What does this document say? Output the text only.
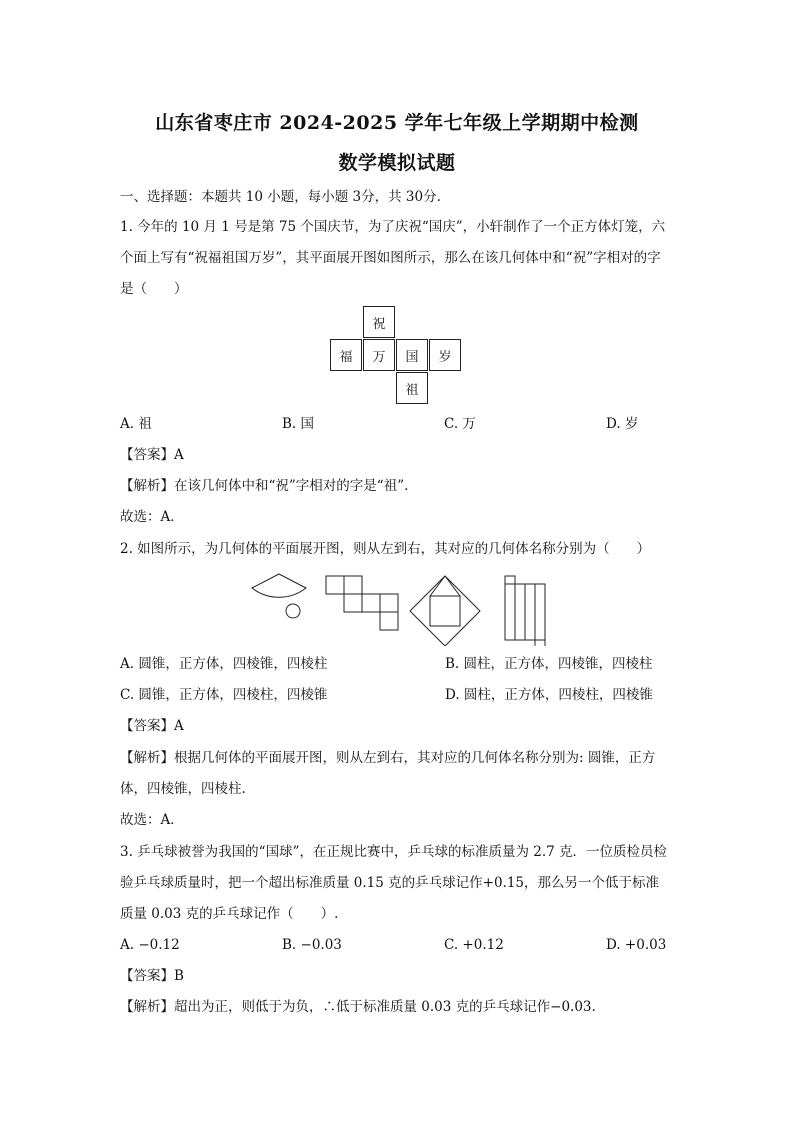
山东省枣庄市 2024-2025 学年七年级上学期期中检测
数学模拟试题
一、选择题：本题共 10 小题，每小题 3分，共 30分.
1. 今年的 10 月 1 号是第 75 个国庆节，为了庆祝“国庆”，小轩制作了一个正方体灯笼，六
个面上写有“祝福祖国万岁”，其平面展开图如图所示，那么在该几何体中和“祝”字相对的字
是（　　）
祝
福	万	国	岁
祖
A. 祖	B. 国	C. 万	D. 岁
【答案】A
【解析】在该几何体中和“祝”字相对的字是“祖”.
故选：A．
2. 如图所示，为几何体的平面展开图，则从左到右，其对应的几何体名称分别为（　　）
A. 圆锥，正方体，四棱锥，四棱柱	B. 圆柱，正方体，四棱锥，四棱柱
C. 圆锥，正方体，四棱柱，四棱锥	D. 圆柱，正方体，四棱柱，四棱锥
【答案】A
【解析】根据几何体的平面展开图，则从左到右，其对应的几何体名称分别为: 圆锥，正方
体，四棱锥，四棱柱.
故选：A．
3. 乒乓球被誉为我国的“国球”，在正规比赛中，乒乓球的标准质量为 2.7 克．一位质检员检
验乒乓球质量时，把一个超出标准质量 0.15 克的乒乓球记作+0.15，那么另一个低于标准
质量 0.03 克的乒乓球记作（　　）.
A. −0.12	B. −0.03	C. +0.12	D. +0.03
【答案】B
【解析】超出为正，则低于为负，∴低于标准质量 0.03 克的乒乓球记作−0.03.
